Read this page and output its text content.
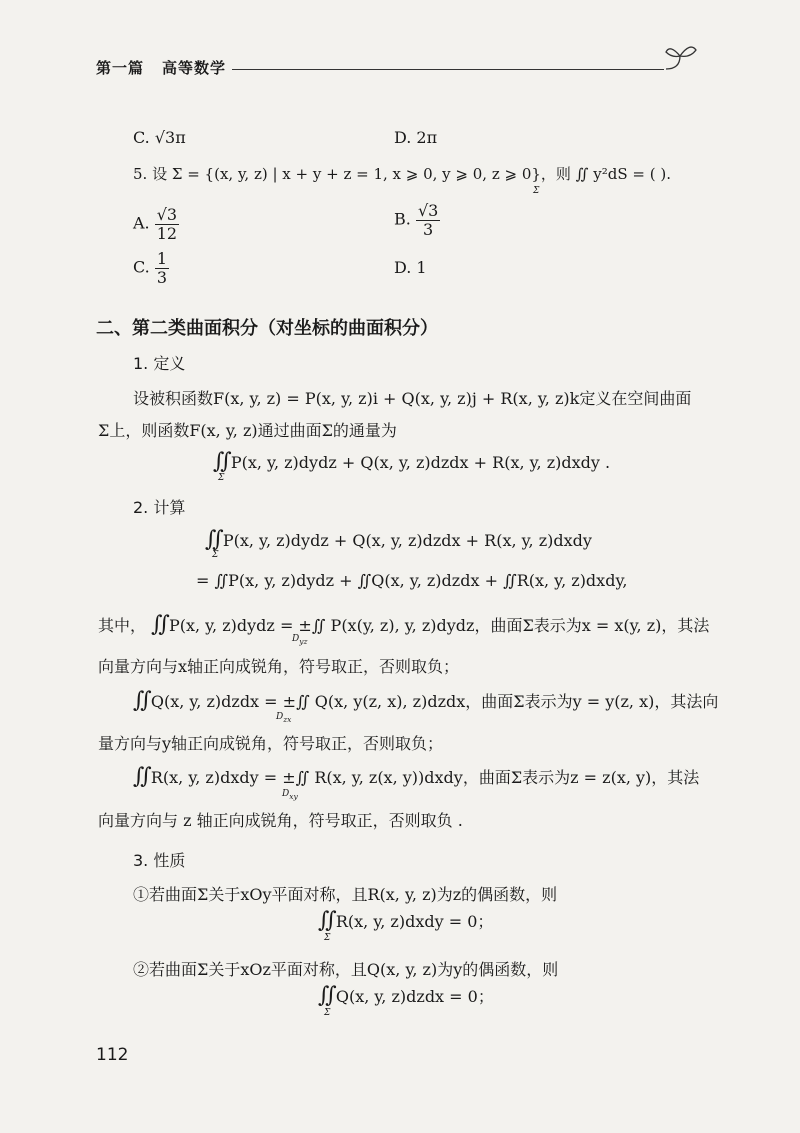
第一篇 高等数学
C. √3π	D. 2π
5. 设 Σ = {(x, y, z) | x + y + z = 1, x ⩾ 0, y ⩾ 0, z ⩾ 0}，则 ∬ y²dS = ( ).
Σ
A. $\frac{√3}{12}$	B. $\frac{√3}{3}$
C. $\frac{1}{3}$	D. 1
二、第二类曲面积分（对坐标的曲面积分）
1. 定义
设被积函数F(x, y, z) = P(x, y, z)i + Q(x, y, z)j + R(x, y, z)k定义在空间曲面
Σ上，则函数F(x, y, z)通过曲面Σ的通量为
∬ P(x, y, z)dydz + Q(x, y, z)dzdx + R(x, y, z)dxdy .
Σ
2. 计算
∬ P(x, y, z)dydz + Q(x, y, z)dzdx + R(x, y, z)dxdy
Σ
= ∬P(x, y, z)dydz + ∬Q(x, y, z)dzdx + ∬R(x, y, z)dxdy,
其中， ∬ P(x, y, z)dydz = ±∬ P(x(y, z), y, z)dydz，曲面Σ表示为x = x(y, z)，其法
$D_{yz}$
向量方向与x轴正向成锐角，符号取正，否则取负；
∬ Q(x, y, z)dzdx = ±∬ Q(x, y(z, x), z)dzdx，曲面Σ表示为y = y(z, x)，其法向
$D_{zx}$
量方向与y轴正向成锐角，符号取正，否则取负；
∬ R(x, y, z)dxdy = ±∬ R(x, y, z(x, y))dxdy，曲面Σ表示为z = z(x, y)，其法
$D_{xy}$
向量方向与 z 轴正向成锐角，符号取正，否则取负 .
3. 性质
①若曲面Σ关于xOy平面对称，且R(x, y, z)为z的偶函数，则
∬ R(x, y, z)dxdy = 0；
Σ
②若曲面Σ关于xOz平面对称，且Q(x, y, z)为y的偶函数，则
∬ Q(x, y, z)dzdx = 0；
Σ
112
